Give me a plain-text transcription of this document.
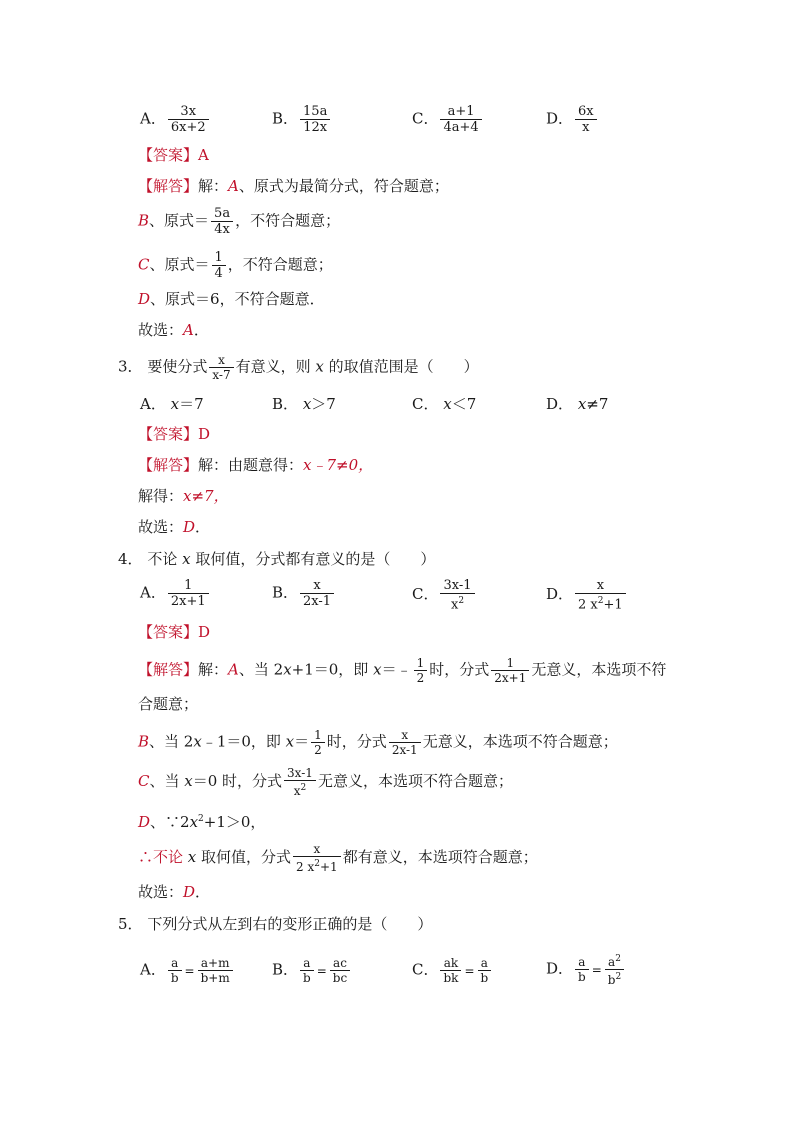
A． $\frac{3x}{6x+2}$	B． $\frac{15a}{12x}$	C． $\frac{a+1}{4a+4}$	D． $\frac{6x}{x}$
【答案】A
【解答】解：A、原式为最简分式，符合题意；
B、原式＝ $\frac{5a}{4x}$ ，不符合题意；
C、原式＝ $\frac{1}{4}$ ，不符合题意；
D、原式＝6，不符合题意．
故选：A．
3． 要使分式 $\frac{x}{x-7}$ 有意义，则 x 的取值范围是（　　）
A． x＝7	B． x＞7	C． x＜7	D． x≠7
【答案】D
【解答】解：由题意得：x﹣7≠0，
解得：x≠7，
故选：D．
4． 不论 x 取何值，分式都有意义的是（　　）
A． $\frac{1}{2x+1}$	B． $\frac{x}{2x-1}$	C． $\frac{3x-1}{x^2}$	D． $\frac{x}{2 x^2+1}$
【答案】D
【解答】解：A、当 2x+1＝0，即 x＝﹣ $\frac{1}{2}$ 时，分式 $\frac{1}{2x+1}$ 无意义，本选项不符
合题意；
B、当 2x﹣1＝0，即 $x= \frac{1}{2}$ 时，分式 $\frac{x}{2x-1}$ 无意义，本选项不符合题意；
C、当 x＝0 时，分式 $\frac{3x-1}{x^2}$ 无意义，本选项不符合题意；
D、$\because 2x^2+1>0$，
∴不论 x 取何值，分式 $\frac{x}{2 x^2+1}$ 都有意义，本选项符合题意；
故选：D．
5． 下列分式从左到右的变形正确的是（　　）
A． $\frac{a}{b} = \frac{a+m}{b+m}$	B． $\frac{a}{b} = \frac{ac}{bc}$	C． $\frac{ak}{bk} = \frac{a}{b}$	D． $\frac{a}{b} = \frac{a^2}{b^2}$
